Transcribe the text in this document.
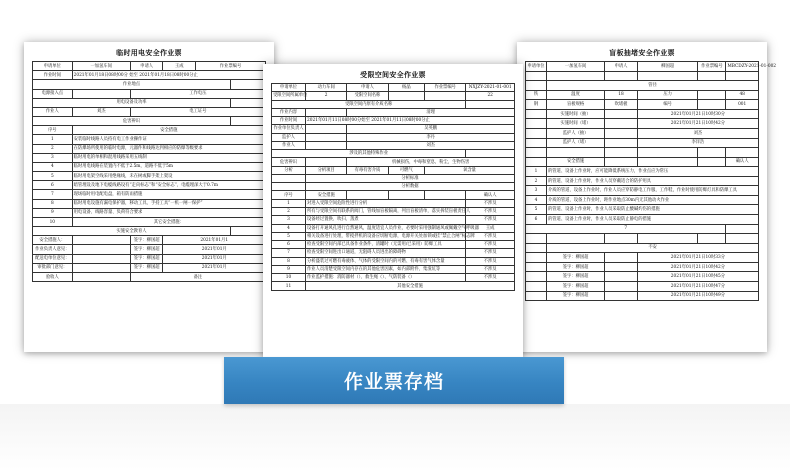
临时用电安全作业票
申请单位	一加氢车间	申请人	王成	作业票编号	
作业时间	2021年01月18日08时00分 始至 2021年01月18日08时00分止				
作业地点					
电源接入点		工作电压			
用电设备及功率					
作业人	刘杰	电工证号			
危害辨识					
序号	安全措施				
1	安装临时线路人员持有电工作业操作证				
2	在防爆场所使用的临时电源，元器件和线路达到相应的防爆等级要求				
3	临时用电的单相和混用线路采用五线制				
4	临时用电线路在装置内不低于2.5m，道路不低于5m				
5	临时用电架空线采用绝缘线，未在树或脚手架上架设				
6	暗管埋设及地下电缆线路设有“走向标志”和“安全标志”，电缆埋深大于0.7m				
7	现场临时用电配电盘，箱有防雨措施				
8	临时用电设施有漏电保护器，移动工具、手持工具“一机一闸一保护”				
9	用电设备、线路容量、负荷符合要求				
10	其它安全措施：				
实施安全教育人					
安全措施人：		签字：柳国超	2021年01月1		
作业负责人意见：		签字：柳国超	2021年01月		
配送电单位意见：		签字：柳国超	2021年01月		
审批部门意见：		签字：柳国超	2021年01月		
验收人		备注			
盲板抽堵安全作业票
申请单位	一加氢车间	申请人	柳国超	作业票编号	MBCDZY-2021-01-002

	管径				
铁	温度	18	压力		48
钢	盲板规格	吹堵板	编号		001
	实施时间（抽）		2021年01月21日10时30分		
	实施时间（堵）		2021年01月21日10时42分		
	监护人（抽）		刘杰		
	监护人（堵）		李洋浩		

	安全措施				确认人
1	的管道、设备上作业时，应可能降低系统压力，作业点应为常压				
2	的管道、设备上作业时，作业人员穿戴适合的防护用具				
3	介质的管道、设备上作业时，作业人员应穿防静电工作服、工作鞋，作业时使用防爆灯具和防爆工具				
4	介质的管道、设备上作业时，距作业地点30m内无其他动火作业				
5	的管道、设备上作业时，作业人员采取防止酸碱灼伤的措施				
6	的管道、设备上作业时，作业人员采取防止静电的措施				
7					

	不安				
	签字：柳国超		2021年01月21日10时33分		
	签字：柳国超		2021年01月21日10时42分		
	签字：柳国超		2021年01月21日10时45分		
	签字：柳国超		2021年01月21日10时47分		
	签字：柳国超		2021年01月21日10时49分		
受限空间安全作业票
申请单位	动力车间	申请人	杨晶	作业票编号	NXJZY-2021-01-001
受限空间所属单位	2	受限空间名称			22
受限空间内原有介质名称					
作业内容		清理			
作业时间	2021年01月11日08时00分始至 2021年01月11日08时00分止				
作业单位负责人		吴英鹏			
监护人		李丹			
作业人		刘杰			
涉及的其他特殊作业					
危害辨识		机械损伤，中毒和窒息，粉尘，生物伤害			
分析	分析项目	有毒有害介质	可燃气	氧含量	
	分析标准				
	分析数据				
序号	安全措施				确认人
1	对进入受限空间危险性进行分析				不涉及
2	所有与受限空间有联系的阀门，管线加盲板隔离，列出盲板清单，落实拆装盲板责任人				不涉及
3	设备经过置换、吹扫、蒸煮				不涉及
4	设备打开通风孔进行自然通风，温度适宜人员作业，必要时采用强制通风或佩戴空气呼吸器				王成
5	相关设备进行处理，带搅拌机的设备应切断电源，电源开关处加锁或挂“禁止合闸”标志牌				不涉及
6	检查受限空间内部已具备作业条件，清罐时（无需用/已采用）防爆工具				不涉及
7	检查受限空间进出口通道，无阻碍人员进出的障碍物				不涉及
8	分析盛装过可燃有毒液体、气体的受限空间内的可燃、有毒有害气体含量				不涉及
9	作业人员清楚受限空间内存在的其他危害因素，如内部附件、集渣坑等				不涉及
10	作业监护措施：消防器材（）、救生绳（）、气防装备（）				不涉及
11	其他安全措施				
作业票存档
